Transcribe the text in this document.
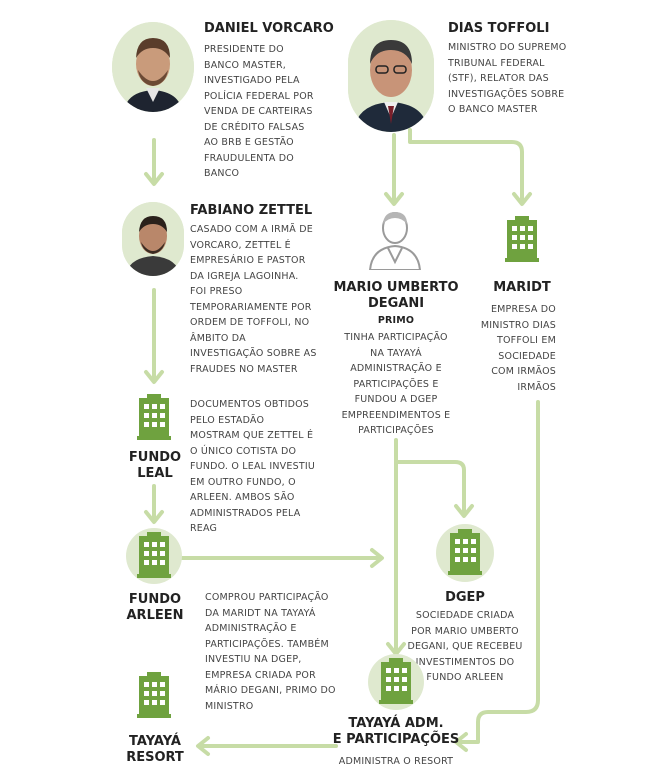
DANIEL VORCARO
PRESIDENTE DO
BANCO MASTER,
INVESTIGADO PELA
POLÍCIA FEDERAL POR
VENDA DE CARTEIRAS
DE CRÉDITO FALSAS
AO BRB E GESTÃO
FRAUDULENTA DO
BANCO
DIAS TOFFOLI
MINISTRO DO SUPREMO
TRIBUNAL FEDERAL
(STF), RELATOR DAS
INVESTIGAÇÕES SOBRE
O BANCO MASTER
FABIANO ZETTEL
CASADO COM A IRMÃ DE
VORCARO, ZETTEL É
EMPRESÁRIO E PASTOR
DA IGREJA LAGOINHA.
FOI PRESO
TEMPORARIAMENTE POR
ORDEM DE TOFFOLI, NO
ÂMBITO DA
INVESTIGAÇÃO SOBRE AS
FRAUDES NO MASTER
MARIO UMBERTO
DEGANI
PRIMO
TINHA PARTICIPAÇÃO
NA TAYAYÁ
ADMINISTRAÇÃO E
PARTICIPAÇÕES E
FUNDOU A DGEP
EMPREENDIMENTOS E
PARTICIPAÇÕES
MARIDT
EMPRESA DO
MINISTRO DIAS
TOFFOLI EM
SOCIEDADE
COM IRMÃOS
IRMÃOS
FUNDO
LEAL
DOCUMENTOS OBTIDOS
PELO ESTADÃO
MOSTRAM QUE ZETTEL É
O ÚNICO COTISTA DO
FUNDO. O LEAL INVESTIU
EM OUTRO FUNDO, O
ARLEEN. AMBOS SÃO
ADMINISTRADOS PELA
REAG
FUNDO
ARLEEN
COMPROU PARTICIPAÇÃO
DA MARIDT NA TAYAYÁ
ADMINISTRAÇÃO E
PARTICIPAÇÕES. TAMBÉM
INVESTIU NA DGEP,
EMPRESA CRIADA POR
MÁRIO DEGANI, PRIMO DO
MINISTRO
DGEP
SOCIEDADE CRIADA
POR MARIO UMBERTO
DEGANI, QUE RECEBEU
INVESTIMENTOS DO
FUNDO ARLEEN
TAYAYÁ ADM.
E PARTICIPAÇÕES
ADMINISTRA O RESORT
TAYAYÁ
RESORT
